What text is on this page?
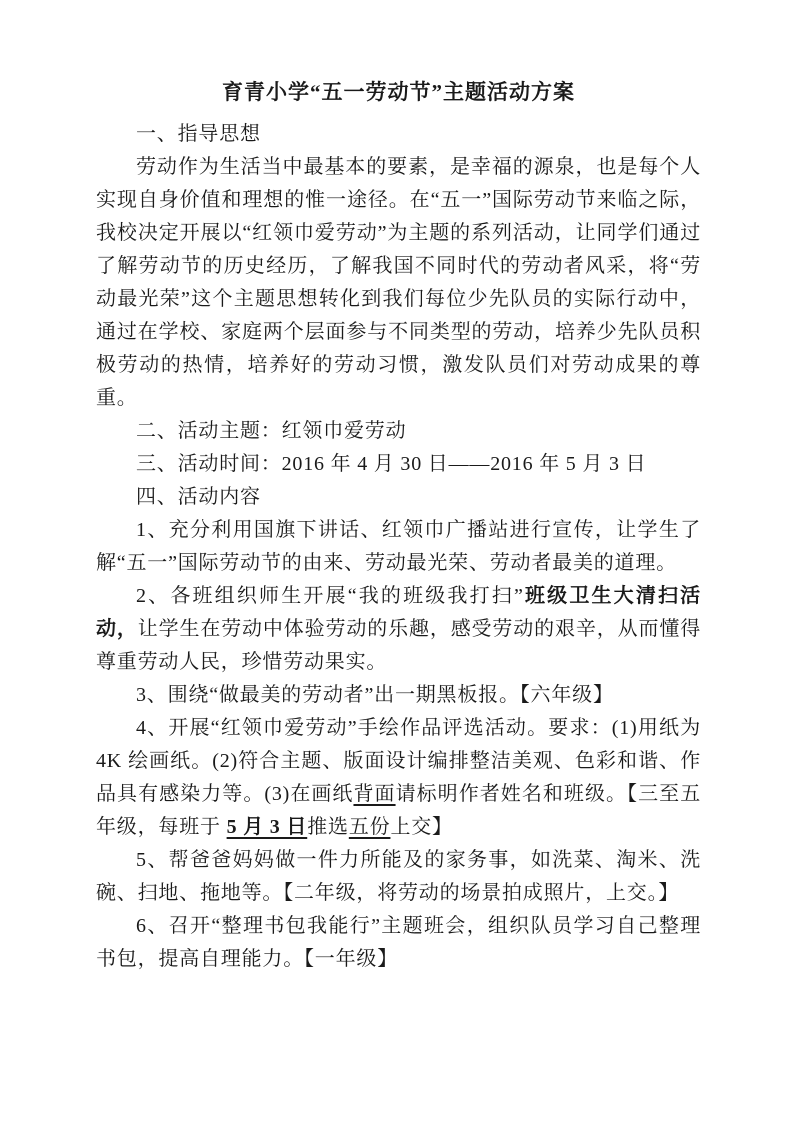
育青小学“五一劳动节”主题活动方案

一、指导思想

劳动作为生活当中最基本的要素，是幸福的源泉，也是每个人实现自身价值和理想的惟一途径。在“五一”国际劳动节来临之际，我校决定开展以“红领巾爱劳动”为主题的系列活动，让同学们通过了解劳动节的历史经历，了解我国不同时代的劳动者风采，将“劳动最光荣”这个主题思想转化到我们每位少先队员的实际行动中，通过在学校、家庭两个层面参与不同类型的劳动，培养少先队员积极劳动的热情，培养好的劳动习惯，激发队员们对劳动成果的尊重。

二、活动主题：红领巾爱劳动

三、活动时间：2016 年 4 月 30 日——2016 年 5 月 3 日

四、活动内容

1、充分利用国旗下讲话、红领巾广播站进行宣传，让学生了解“五一”国际劳动节的由来、劳动最光荣、劳动者最美的道理。

2、各班组织师生开展“我的班级我打扫”班级卫生大清扫活动，让学生在劳动中体验劳动的乐趣，感受劳动的艰辛，从而懂得尊重劳动人民，珍惜劳动果实。

3、围绕“做最美的劳动者”出一期黑板报。【六年级】

4、开展“红领巾爱劳动”手绘作品评选活动。要求：(1)用纸为 4K 绘画纸。(2)符合主题、版面设计编排整洁美观、色彩和谐、作品具有感染力等。(3)在画纸背面请标明作者姓名和班级。【三至五年级，每班于 5 月 3 日推选五份上交】

5、帮爸爸妈妈做一件力所能及的家务事，如洗菜、淘米、洗碗、扫地、拖地等。【二年级，将劳动的场景拍成照片，上交。】

6、召开“整理书包我能行”主题班会，组织队员学习自己整理书包，提高自理能力。【一年级】
